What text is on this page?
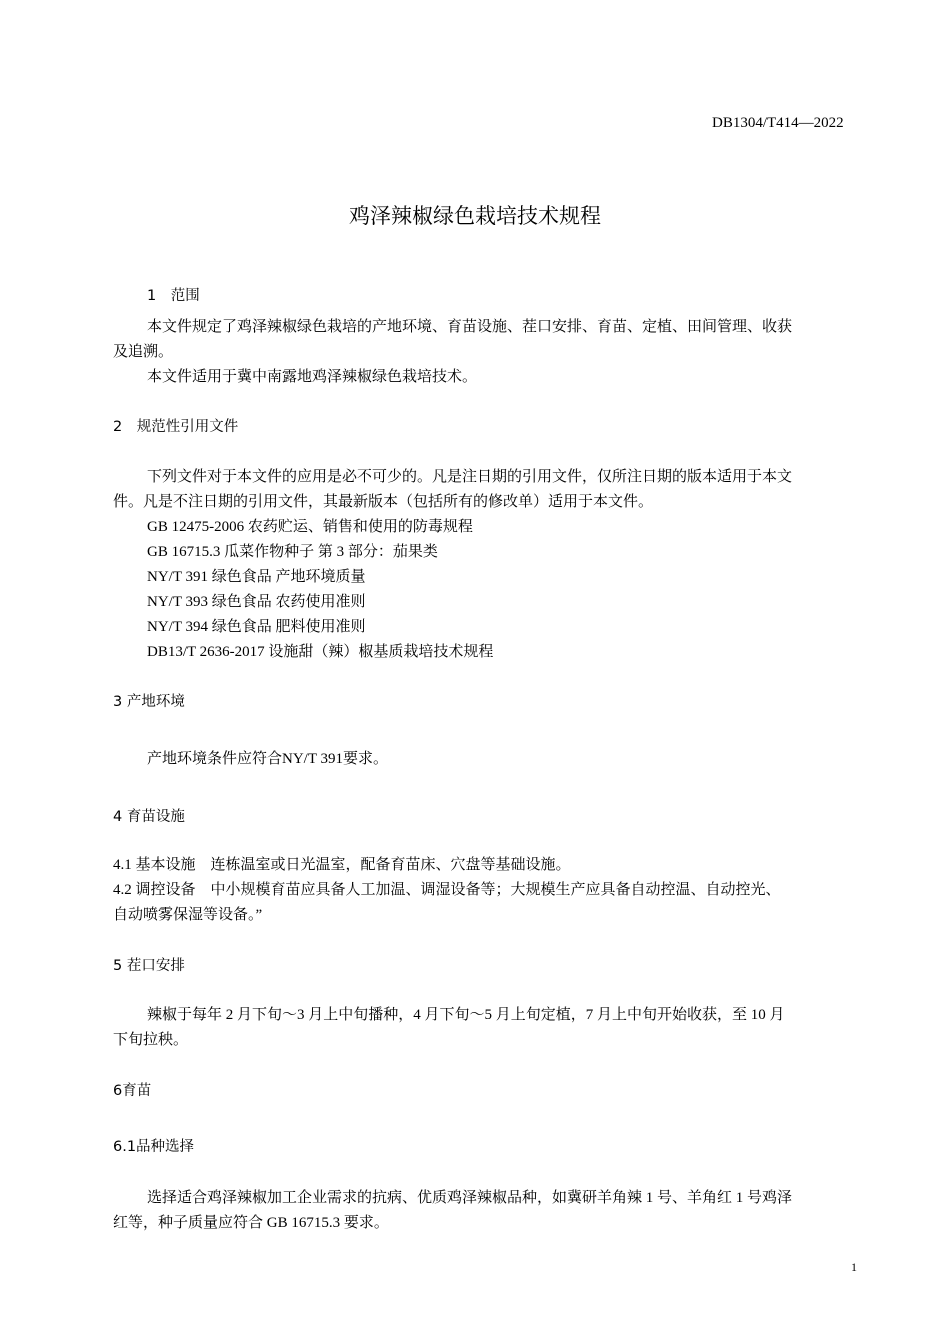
DB1304/T414—2022
鸡泽辣椒绿色栽培技术规程
1　范围
本文件规定了鸡泽辣椒绿色栽培的产地环境、育苗设施、茬口安排、育苗、定植、田间管理、收获
及追溯。
本文件适用于冀中南露地鸡泽辣椒绿色栽培技术。
2　规范性引用文件
下列文件对于本文件的应用是必不可少的。凡是注日期的引用文件，仅所注日期的版本适用于本文
件。凡是不注日期的引用文件，其最新版本（包括所有的修改单）适用于本文件。
GB 12475-2006 农药贮运、销售和使用的防毒规程
GB 16715.3 瓜菜作物种子 第 3 部分：茄果类
NY/T 391 绿色食品 产地环境质量
NY/T 393 绿色食品 农药使用准则
NY/T 394 绿色食品 肥料使用准则
DB13/T 2636-2017 设施甜（辣）椒基质栽培技术规程
3 产地环境
产地环境条件应符合NY/T 391要求。
4 育苗设施
4.1 基本设施　连栋温室或日光温室，配备育苗床、穴盘等基础设施。
4.2 调控设备　中小规模育苗应具备人工加温、调湿设备等；大规模生产应具备自动控温、自动控光、
自动喷雾保湿等设备。”
5 茬口安排
辣椒于每年 2 月下旬～3 月上中旬播种，4 月下旬～5 月上旬定植，7 月上中旬开始收获，至 10 月
下旬拉秧。
6育苗
6.1品种选择
选择适合鸡泽辣椒加工企业需求的抗病、优质鸡泽辣椒品种，如冀研羊角辣 1 号、羊角红 1 号鸡泽
红等，种子质量应符合 GB 16715.3 要求。
1
